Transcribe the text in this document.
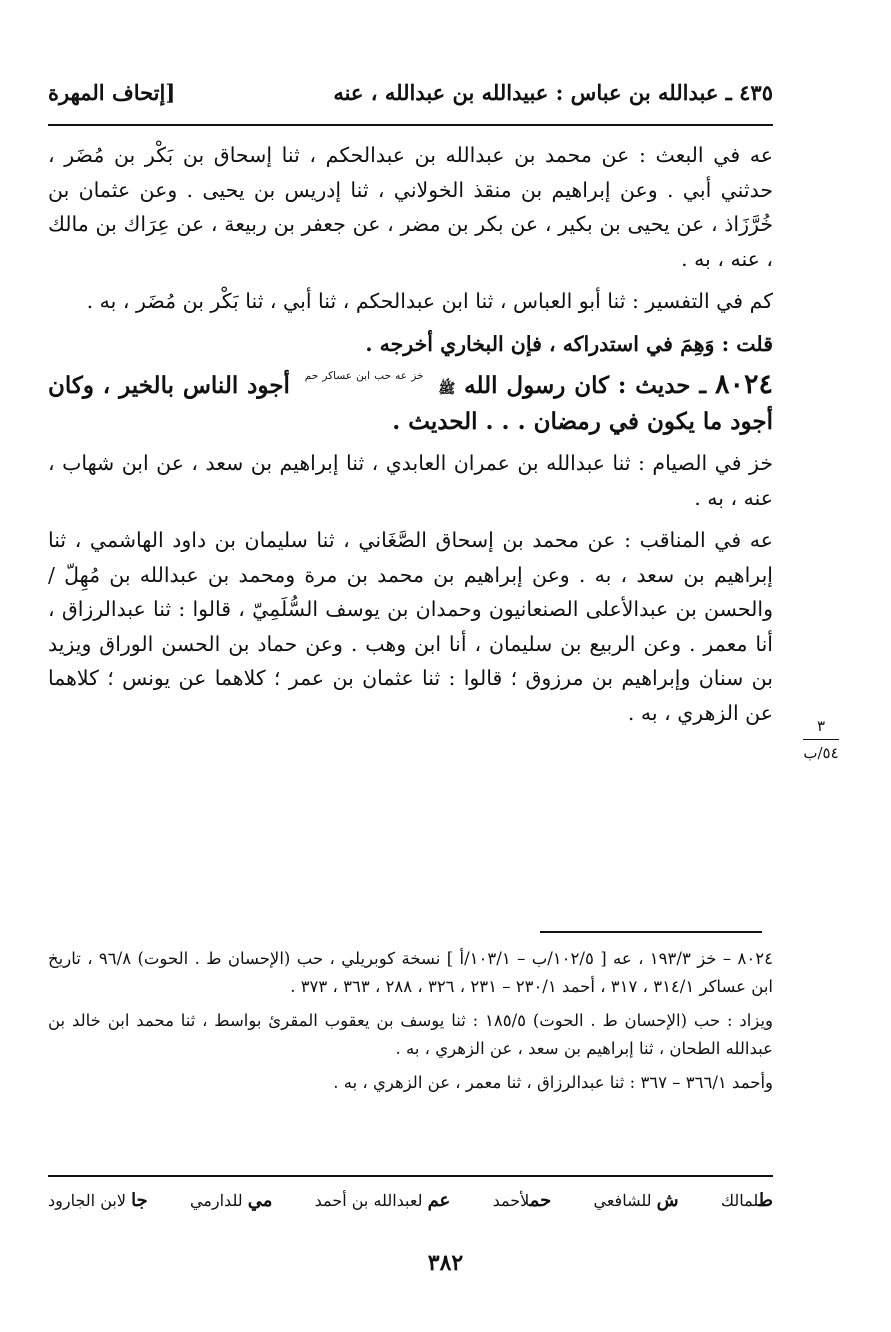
٤٣٥ ـ عبدالله بن عباس : عبيدالله بن عبدالله ، عنه
[إتحاف المهرة

عه في البعث : عن محمد بن عبدالله بن عبدالحكم ، ثنا إسحاق بن بَكْر بن مُضَر ، حدثني أبي . وعن إبراهيم بن منقذ الخولاني ، ثنا إدريس بن يحيى . وعن عثمان بن خُرَّزَاذ ، عن يحيى بن بكير ، عن بكر بن مضر ، عن جعفر بن ربيعة ، عن عِرَاك بن مالك ، عنه ، به .

كم في التفسير : ثنا أبو العباس ، ثنا ابن عبدالحكم ، ثنا أبي ، ثنا بَكْر بن مُضَر ، به .

قلت : وَهِمَ في استدراكه ، فإن البخاري أخرجه .

٨٠٢٤ ـ حديث : كان رسول الله ﷺ $^{خز عه حب ابن عساكر حم}$ أجود الناس بالخير ، وكان أجود ما يكون في رمضان . . . الحديث .

خز في الصيام : ثنا عبدالله بن عمران العابدي ، ثنا إبراهيم بن سعد ، عن ابن شهاب ، عنه ، به .

عه في المناقب : عن محمد بن إسحاق الصَّغَاني ، ثنا سليمان بن داود الهاشمي ، ثنا إبراهيم بن سعد ، به . وعن إبراهيم بن محمد بن مرة ومحمد بن عبدالله بن مُهِلّ / والحسن بن عبدالأعلى الصنعانيون وحمدان بن يوسف السُّلَمِيّ ، قالوا : ثنا عبدالرزاق ، أنا معمر . وعن الربيع بن سليمان ، أنا ابن وهب . وعن حماد بن الحسن الوراق ويزيد بن سنان وإبراهيم بن مرزوق ؛ قالوا : ثنا عثمان بن عمر ؛ كلاهما عن يونس ؛ كلاهما عن الزهري ، به .

٣
٥٤/ب

٨٠٢٤ – خز ١٩٣/٣ ، عه [ ١٠٢/٥/ب – ١٠٣/١/أ ] نسخة كوبريلي ، حب (الإحسان ط . الحوت) ٩٦/٨ ، تاريخ ابن عساكر ٣١٤/١ ، ٣١٧ ، أحمد ٢٣٠/١ – ٢٣١ ، ٣٢٦ ، ٢٨٨ ، ٣٦٣ ، ٣٧٣ .

ويزاد : حب (الإحسان ط . الحوت) ١٨٥/٥ : ثنا يوسف بن يعقوب المقرئ بواسط ، ثنا محمد ابن خالد بن عبدالله الطحان ، ثنا إبراهيم بن سعد ، عن الزهري ، به .

وأحمد ٣٦٦/١ – ٣٦٧ : ثنا عبدالرزاق ، ثنا معمر ، عن الزهري ، به .

طلمالك
ش للشافعي
حملأحمد
عم لعبدالله بن أحمد
مي للدارمي
جا لابن الجارود
٣٨٢
